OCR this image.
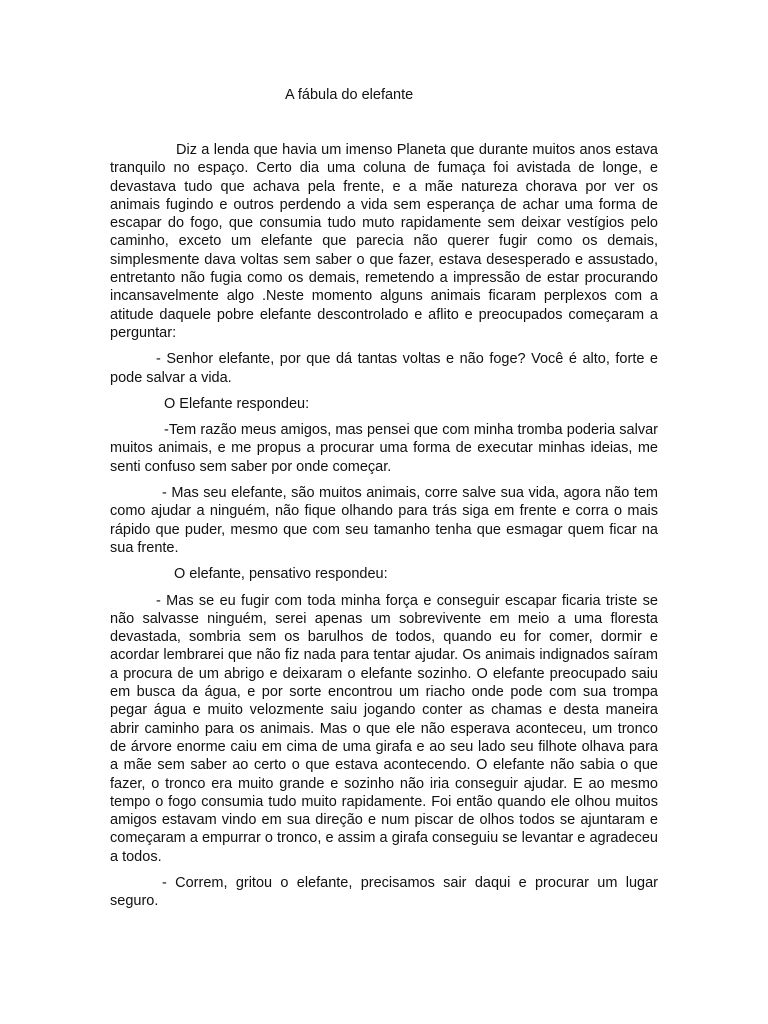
A fábula do elefante

Diz a lenda que havia um imenso Planeta que durante muitos anos estava tranquilo no espaço. Certo dia uma coluna de fumaça foi avistada de longe, e devastava tudo que achava pela frente, e a mãe natureza chorava por ver os animais fugindo e outros perdendo a vida sem esperança de achar uma forma de escapar do fogo, que consumia tudo muto rapidamente sem deixar vestígios pelo caminho, exceto um elefante que parecia não querer fugir como os demais, simplesmente dava voltas sem saber o que fazer, estava desesperado e assustado, entretanto não fugia como os demais, remetendo a impressão de estar procurando incansavelmente algo .Neste momento alguns animais ficaram perplexos com a atitude daquele pobre elefante descontrolado e aflito e preocupados começaram a perguntar:

- Senhor elefante, por que dá tantas voltas e não foge? Você é alto, forte e pode salvar a vida.

O Elefante respondeu:

-Tem razão meus amigos, mas pensei que com minha tromba poderia salvar muitos animais, e me propus a procurar uma forma de executar minhas ideias, me senti confuso sem saber por onde começar.

- Mas seu elefante, são muitos animais, corre salve sua vida, agora não tem como ajudar a ninguém, não fique olhando para trás siga em frente e corra o mais rápido que puder, mesmo que com seu tamanho tenha que esmagar quem ficar na sua frente.

O elefante, pensativo respondeu:

- Mas se eu fugir com toda minha força e conseguir escapar ficaria triste se não salvasse ninguém, serei apenas um sobrevivente em meio a uma floresta devastada, sombria sem os barulhos de todos, quando eu for comer, dormir e acordar lembrarei que não fiz nada para tentar ajudar. Os animais indignados saíram a procura de um abrigo e deixaram o elefante sozinho. O elefante preocupado saiu em busca da água, e por sorte encontrou um riacho onde pode com sua trompa pegar água e muito velozmente saiu jogando conter as chamas e desta maneira abrir caminho para os animais. Mas o que ele não esperava aconteceu, um tronco de árvore enorme caiu em cima de uma girafa e ao seu lado seu filhote olhava para a mãe sem saber ao certo o que estava acontecendo. O elefante não sabia o que fazer, o tronco era muito grande e sozinho não iria conseguir ajudar. E ao mesmo tempo o fogo consumia tudo muito rapidamente. Foi então quando ele olhou muitos amigos estavam vindo em sua direção e num piscar de olhos todos se ajuntaram e começaram a empurrar o tronco, e assim a girafa conseguiu se levantar e agradeceu a todos.

- Correm, gritou o elefante, precisamos sair daqui e procurar um lugar seguro.
